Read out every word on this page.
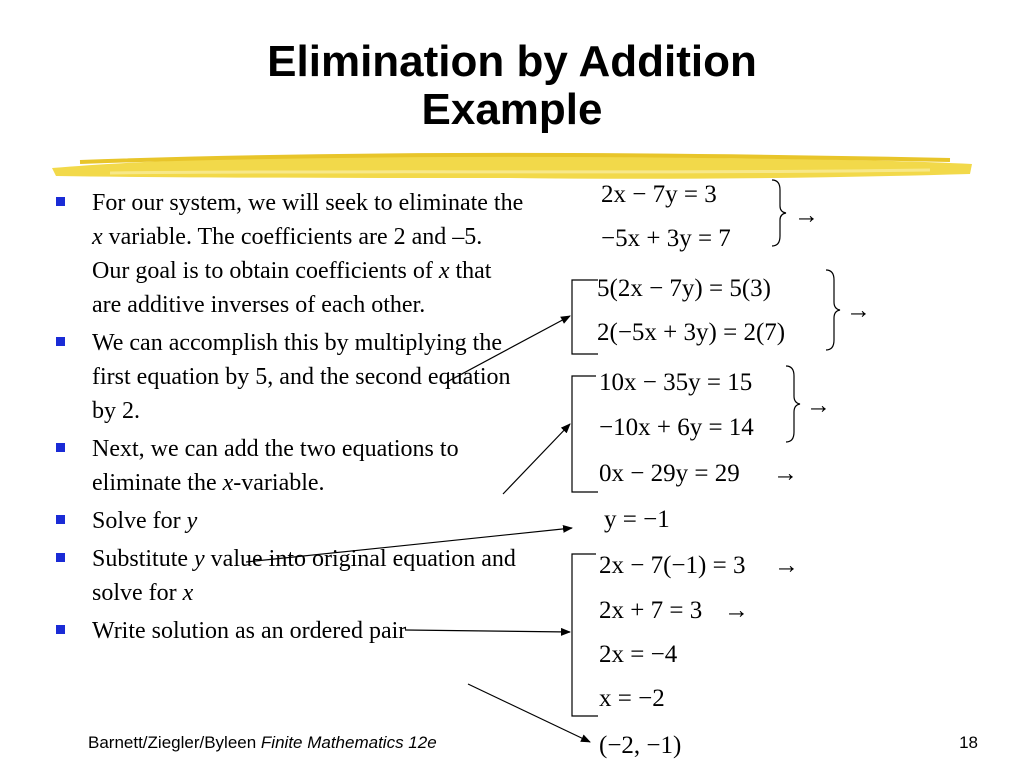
Elimination by Addition
Example
For our system, we will seek to eliminate the x variable. The coefficients are 2 and –5. Our goal is to obtain coefficients of x that are additive inverses of each other.
We can accomplish this by multiplying the first equation by 5, and the second equation by 2.
Next, we can add the two equations to eliminate the x-variable.
Solve for y
Substitute y value into original equation and solve for x
Write solution as an ordered pair
2x − 7y = 3
−5x + 3y = 7
5(2x − 7y) = 5(3)
2(−5x + 3y) = 2(7)
10x − 35y = 15
−10x + 6y = 14
0x − 29y = 29
y = −1
2x − 7(−1) = 3
2x + 7 = 3
2x = −4
x = −2
(−2, −1)
→
→
→
→
→
→
Barnett/Ziegler/Byleen Finite Mathematics 12e	18
